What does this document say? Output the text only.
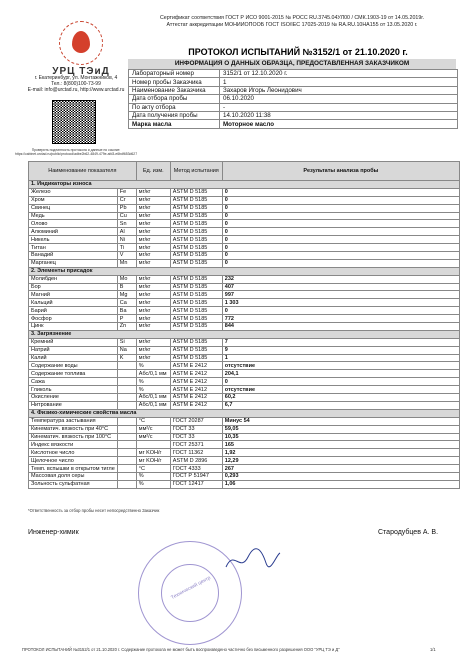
Сертификат соответствия ГОСТ Р ИСО 9001-2015 № РОСС RU.3745.04УЛ00 / СМК.1903-19 от 14.05.2019г.
Аттестат аккредитации МОНИИОПООБ ГОСТ ISO/IEC 17025-2019 № RA.RU.10НА155 от 13.05.2020 г.
УРЦ ТЭиД
г. Екатеринбург, ул. Монтажников, 4
Тел.: 8(800)100-73-99
E-mail: info@urctad.ru, http://www.urctad.ru
Проверить подлинность протокола и данные по ссылке:
https://cabinet.urctad.ru/public/protocol/adbe2b62-4849-479e-afd3-e6bdf653d627
ПРОТОКОЛ ИСПЫТАНИЙ №3152/1 от 21.10.2020 г.
ИНФОРМАЦИЯ О ДАННЫХ ОБРАЗЦА, ПРЕДОСТАВЛЕННАЯ ЗАКАЗЧИКОМ
Лабораторный номер	3152/1 от 12.10.2020 г.
Номер пробы Заказчика	1
Наименование Заказчика	Захаров Игорь Леонидович
Дата отбора пробы	06.10.2020
По акту отбора	-
Дата получения пробы	14.10.2020 11:38
Марка масла	Моторное масло
Наименование показателя		Ед. изм.	Метод испытания	Результаты анализа пробы
1. Индикаторы износа				
Железо	Fe	мг/кг	ASTM D 5185	0
Хром	Cr	мг/кг	ASTM D 5185	0
Свинец	Pb	мг/кг	ASTM D 5185	0
Медь	Cu	мг/кг	ASTM D 5185	0
Олово	Sn	мг/кг	ASTM D 5185	0
Алюминий	Al	мг/кг	ASTM D 5185	0
Никель	Ni	мг/кг	ASTM D 5185	0
Титан	Ti	мг/кг	ASTM D 5185	0
Ванадий	V	мг/кг	ASTM D 5185	0
Марганец	Mn	мг/кг	ASTM D 5185	0
2. Элементы присадок				
Молибден	Mo	мг/кг	ASTM D 5185	232
Бор	B	мг/кг	ASTM D 5185	407
Магний	Mg	мг/кг	ASTM D 5185	997
Кальций	Ca	мг/кг	ASTM D 5185	1 303
Барий	Ba	мг/кг	ASTM D 5185	0
Фосфор	P	мг/кг	ASTM D 5185	772
Цинк	Zn	мг/кг	ASTM D 5185	844
3. Загрязнение				
Кремний	Si	мг/кг	ASTM D 5185	7
Натрий	Na	мг/кг	ASTM D 5185	9
Калий	K	мг/кг	ASTM D 5185	1
Содержание воды		%	ASTM E 2412	отсутствие
Содержание топлива		Абс/0,1 мм	ASTM E 2412	204,1
Сажа		%	ASTM E 2412	0
Гликоль		%	ASTM E 2412	отсутствие
Окисление		Абс/0,1 мм	ASTM E 2412	60,2
Нитрование		Абс/0,1 мм	ASTM E 2412	6,7
4. Физико-химические свойства масла				
Температура застывания		°С	ГОСТ 20287	Минус 54
Кинематич. вязкость при 40°С		мм²/с	ГОСТ 33	59,05
Кинематич. вязкость при 100°С		мм²/с	ГОСТ 33	10,35
Индекс вязкости			ГОСТ 25371	165
Кислотное число		мг KOH/г	ГОСТ 11362	1,92
Щелочное число		мг KOH/г	ASTM D 2896	12,29
Темп. вспышки в открытом тигле		°С	ГОСТ 4333	267
Массовая доля серы		%	ГОСТ Р 51947	0,293
Зольность сульфатная		%	ГОСТ 12417	1,06
*Ответственность за отбор пробы несет непосредственно Заказчик
Инженер-химик	Стародубцев А. В.
Технический центр
ПРОТОКОЛ ИСПЫТАНИЙ №3152/1 от 21.10.2020 г. Содержание протокола не может быть воспроизведено частично без письменного разрешения ООО "УРЦ ТЭ и Д"	1/1
